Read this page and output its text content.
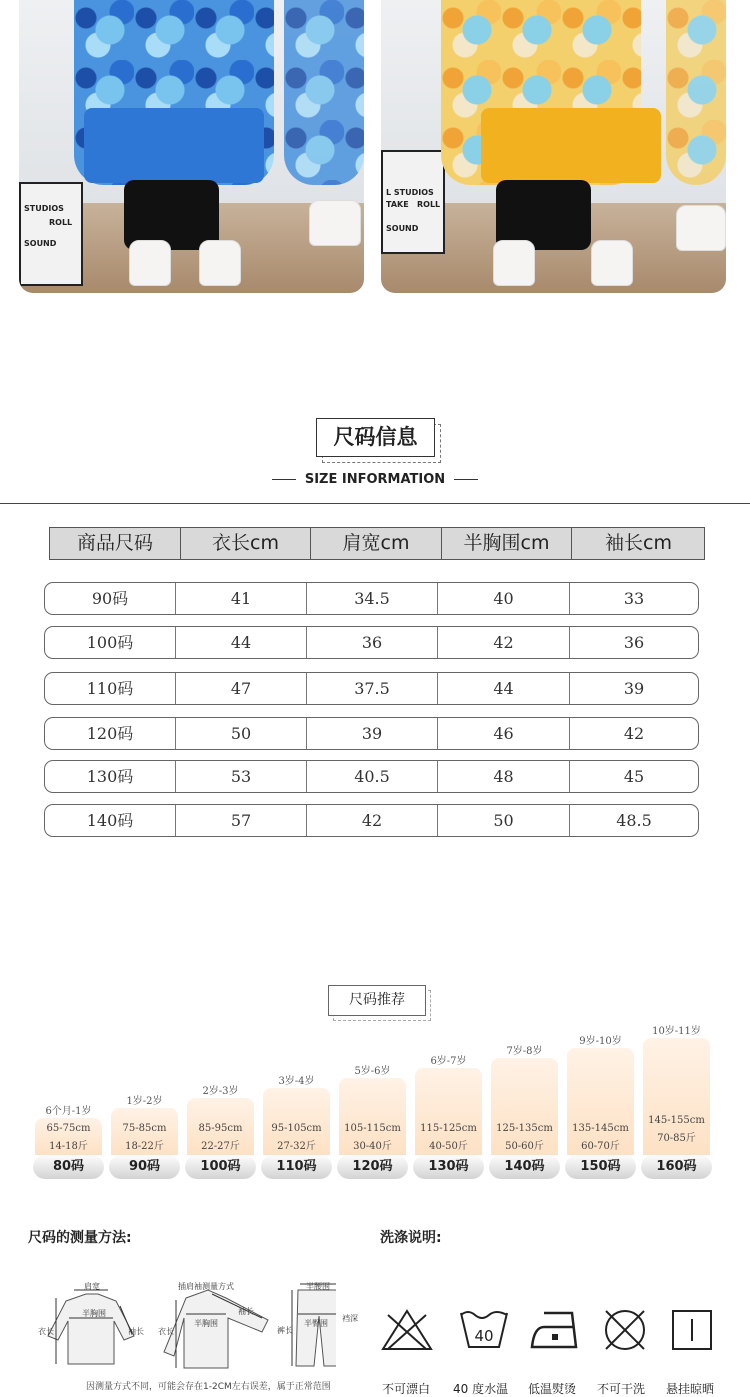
STUDIOS
ROLL
SOUND
L STUDIOS
TAKE ROLL
SOUND
尺码信息
SIZE INFORMATION
商品尺码	衣长cm	肩宽cm	半胸围cm	袖长cm
90码	41	34.5	40	33
100码	44	36	42	36
110码	47	37.5	44	39
120码	50	39	46	42
130码	53	40.5	48	45
140码	57	42	50	48.5
尺码推荐
6个月-1岁
65-75cm
14-18斤
80码
1岁-2岁
75-85cm
18-22斤
90码
2岁-3岁
85-95cm
22-27斤
100码
3岁-4岁
95-105cm
27-32斤
110码
5岁-6岁
105-115cm
30-40斤
120码
6岁-7岁
115-125cm
40-50斤
130码
7岁-8岁
125-135cm
50-60斤
140码
9岁-10岁
135-145cm
60-70斤
150码
10岁-11岁
145-155cm
70-85斤
160码
尺码的测量方法:
肩宽
半胸围
衣长	袖长
插肩袖测量方式
半胸围
袖长
衣长
半腰围
半臀围
裤长
裆深
因测量方式不同，可能会存在1-2CM左右误差，属于正常范围
洗涤说明:
40
不可漂白 40 度水温 低温熨烫 不可干洗 悬挂晾晒
